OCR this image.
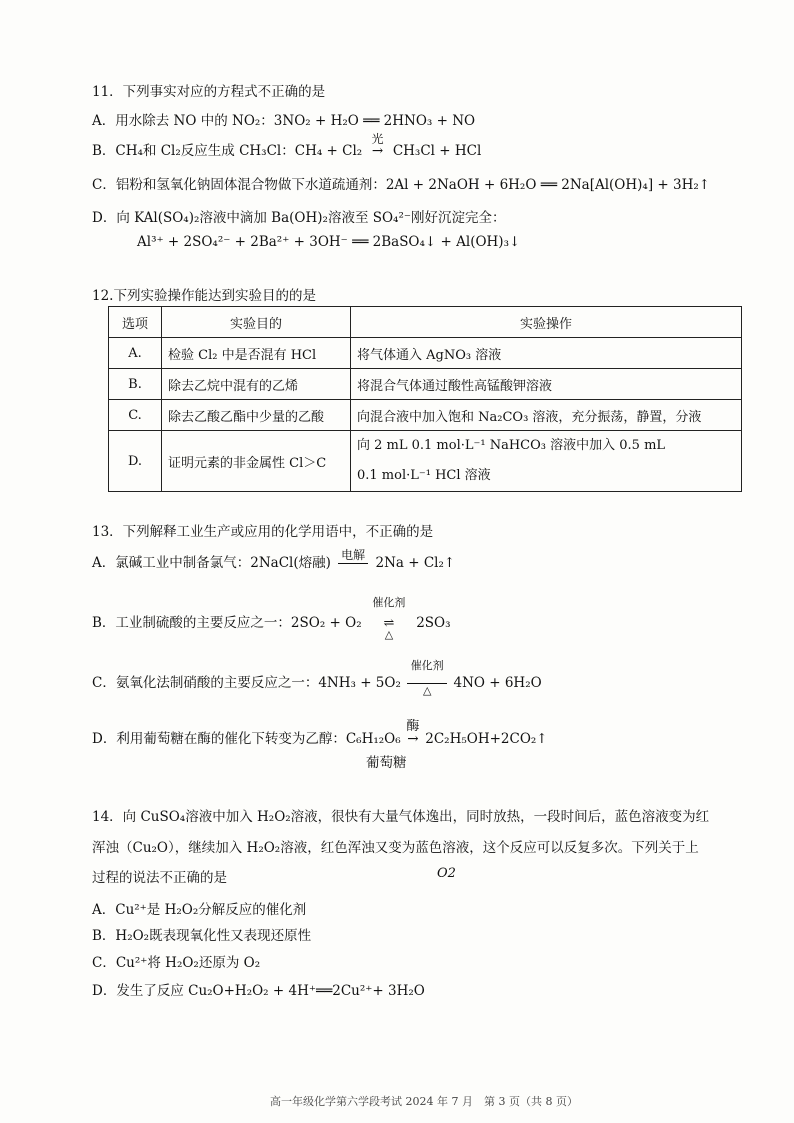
11．下列事实对应的方程式不正确的是
A．用水除去 NO 中的 NO₂：3NO₂ + H₂O ══ 2HNO₃ + NO
B．CH₄和 Cl₂反应生成 CH₃Cl：CH₄ + Cl₂
光
→ CH₃Cl + HCl
C．铝粉和氢氧化钠固体混合物做下水道疏通剂：2Al + 2NaOH + 6H₂O ══ 2Na[Al(OH)₄] + 3H₂↑
D．向 KAl(SO₄)₂溶液中滴加 Ba(OH)₂溶液至 SO₄²⁻刚好沉淀完全：
Al³⁺ + 2SO₄²⁻ + 2Ba²⁺ + 3OH⁻ ══ 2BaSO₄↓ + Al(OH)₃↓
12.下列实验操作能达到实验目的的是
选项	实验目的	实验操作
A.	检验 Cl₂ 中是否混有 HCl	将气体通入 AgNO₃ 溶液
B.	除去乙烷中混有的乙烯	将混合气体通过酸性高锰酸钾溶液
C.	除去乙酸乙酯中少量的乙酸	向混合液中加入饱和 Na₂CO₃ 溶液，充分振荡，静置，分液
D.	证明元素的非金属性 Cl＞C	向 2 mL 0.1 mol·L⁻¹ NaHCO₃ 溶液中加入 0.5 mL
0.1 mol·L⁻¹ HCl 溶液
13．下列解释工业生产或应用的化学用语中，不正确的是
A．氯碱工业中制备氯气：2NaCl(熔融) 电解 2Na + Cl₂↑
B．工业制硫酸的主要反应之一：2SO₂ + O₂
催化剂
⇌
△
2SO₃
C．氨氧化法制硝酸的主要反应之一：4NH₃ + 5O₂
催化剂
△	4NO + 6H₂O
D．利用葡萄糖在酶的催化下转变为乙醇：C₆H₁₂O₆
酶
→ 2C₂H₅OH+2CO₂↑
葡萄糖
14．向 CuSO₄溶液中加入 H₂O₂溶液，很快有大量气体逸出，同时放热，一段时间后，蓝色溶液变为红
浑浊（Cu₂O），继续加入 H₂O₂溶液，红色浑浊又变为蓝色溶液，这个反应可以反复多次。下列关于上
过程的说法不正确的是	O2
A．Cu²⁺是 H₂O₂分解反应的催化剂
B．H₂O₂既表现氧化性又表现还原性
C．Cu²⁺将 H₂O₂还原为 O₂
D．发生了反应 Cu₂O+H₂O₂ + 4H⁺══2Cu²⁺+ 3H₂O
高一年级化学第六学段考试 2024 年 7 月　第 3 页（共 8 页）
